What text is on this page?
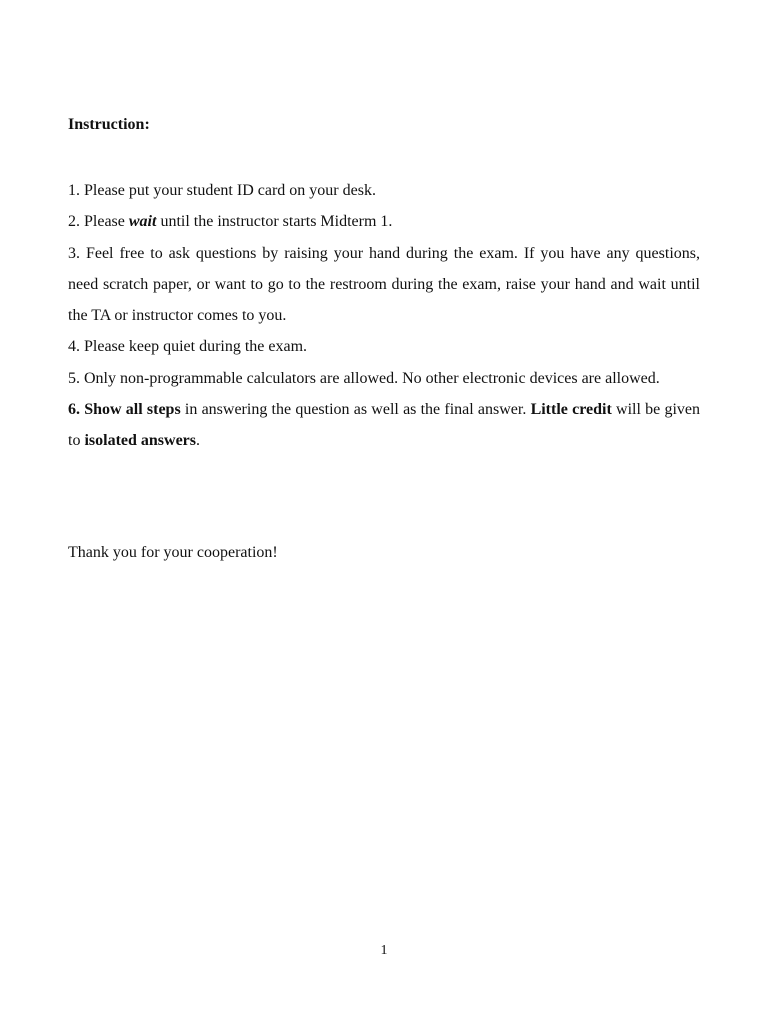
Instruction:

1. Please put your student ID card on your desk.

2. Please wait until the instructor starts Midterm 1.

3. Feel free to ask questions by raising your hand during the exam. If you have any questions, need scratch paper, or want to go to the restroom during the exam, raise your hand and wait until the TA or instructor comes to you.

4. Please keep quiet during the exam.

5. Only non-programmable calculators are allowed. No other electronic devices are allowed.

6. Show all steps in answering the question as well as the final answer. Little credit will be given to isolated answers.

Thank you for your cooperation!

1
